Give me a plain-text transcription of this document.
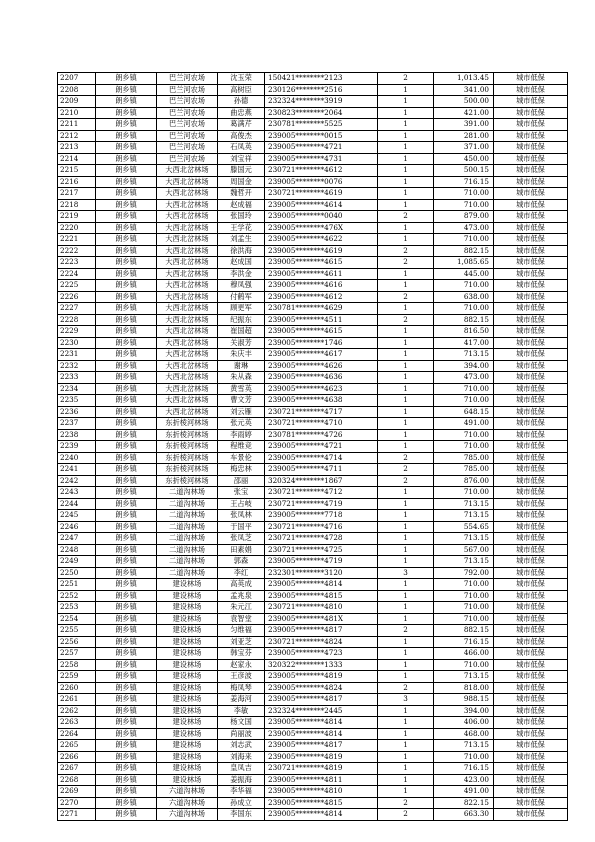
2207	朗乡镇	巴兰河农场	沈玉荣	150421********2123	2	1,013.45	城市低保
2208	朗乡镇	巴兰河农场	高树臣	230126********2516	1	341.00	城市低保
2209	朗乡镇	巴兰河农场	孙德	232324********3919	1	500.00	城市低保
2210	朗乡镇	巴兰河农场	曲忠燕	230823********2064	1	421.00	城市低保
2211	朗乡镇	巴兰河农场	葛满芹	230781********5525	1	391.00	城市低保
2212	朗乡镇	巴兰河农场	高俊杰	239005********0015	1	281.00	城市低保
2213	朗乡镇	巴兰河农场	石凤英	239005********4721	1	371.00	城市低保
2214	朗乡镇	巴兰河农场	刘宝祥	239005********4731	1	450.00	城市低保
2215	朗乡镇	大西北岔林场	滕国元	230721********4612	1	500.15	城市低保
2216	朗乡镇	大西北岔林场	周国金	239005********0076	1	716.15	城市低保
2217	朗乡镇	大西北岔林场	魏哲开	230721********4619	1	710.00	城市低保
2218	朗乡镇	大西北岔林场	赵成福	239005********4614	1	710.00	城市低保
2219	朗乡镇	大西北岔林场	张国玲	239005********0040	2	879.00	城市低保
2220	朗乡镇	大西北岔林场	王学花	239005********476X	1	473.00	城市低保
2221	朗乡镇	大西北岔林场	刘孟生	239005********4622	1	710.00	城市低保
2222	朗乡镇	大西北岔林场	徐洪海	239005********4619	2	882.15	城市低保
2223	朗乡镇	大西北岔林场	赵成国	239005********4615	2	1,085.65	城市低保
2224	朗乡镇	大西北岔林场	李洪金	239005********4611	1	445.00	城市低保
2225	朗乡镇	大西北岔林场	穆凤强	239005********4616	1	710.00	城市低保
2226	朗乡镇	大西北岔林场	付鹤军	239005********4612	2	638.00	城市低保
2227	朗乡镇	大西北岔林场	顾更军	230781********4629	1	710.00	城市低保
2228	朗乡镇	大西北岔林场	纪振东	239005********4511	2	882.15	城市低保
2229	朗乡镇	大西北岔林场	崔国超	239005********4615	1	816.50	城市低保
2230	朗乡镇	大西北岔林场	关淑芳	239005********1746	1	417.00	城市低保
2231	朗乡镇	大西北岔林场	朱庆丰	239005********4617	1	713.15	城市低保
2232	朗乡镇	大西北岔林场	谢琳	239005********4626	1	394.00	城市低保
2233	朗乡镇	大西北岔林场	朱从森	239005********4636	1	473.00	城市低保
2234	朗乡镇	大西北岔林场	黄雪英	239005********4623	1	710.00	城市低保
2235	朗乡镇	大西北岔林场	曹文芳	239005********4638	1	710.00	城市低保
2236	朗乡镇	大西北岔林场	刘云雁	230721********4717	1	648.15	城市低保
2237	朗乡镇	东折棱河林场	张元英	230721********4710	1	491.00	城市低保
2238	朗乡镇	东折棱河林场	李雨婷	230781********4726	1	710.00	城市低保
2239	朗乡镇	东折棱河林场	程维竞	239005********4721	1	710.00	城市低保
2240	朗乡镇	东折棱河林场	车景伦	239005********4714	2	785.00	城市低保
2241	朗乡镇	东折棱河林场	梅忠林	239005********4711	2	785.00	城市低保
2242	朗乡镇	东折棱河林场	邵丽	320324********1867	2	876.00	城市低保
2243	朗乡镇	二道沟林场	张宝	230721********4712	1	710.00	城市低保
2244	朗乡镇	二道沟林场	王占岐	230721********4719	1	713.15	城市低保
2245	朗乡镇	二道沟林场	张凤林	239005********7718	1	713.15	城市低保
2246	朗乡镇	二道沟林场	于国平	230721********4716	1	554.65	城市低保
2247	朗乡镇	二道沟林场	张凤芝	230721********4728	1	713.15	城市低保
2248	朗乡镇	二道沟林场	田素娟	230721********4725	1	567.00	城市低保
2249	朗乡镇	二道沟林场	郭森	239005********4719	1	713.15	城市低保
2250	朗乡镇	二道沟林场	李红	232301********3120	3	792.00	城市低保
2251	朗乡镇	建设林场	高英成	239005********4814	1	710.00	城市低保
2252	朗乡镇	建设林场	孟兆泉	239005********4815	1	710.00	城市低保
2253	朗乡镇	建设林场	朱元江	230721********4810	1	710.00	城市低保
2254	朗乡镇	建设林场	袁智堂	239005********481X	1	710.00	城市低保
2255	朗乡镇	建设林场	匀维福	239005********4817	2	882.15	城市低保
2256	朗乡镇	建设林场	刘亚芝	230721********4824	1	716.15	城市低保
2257	朗乡镇	建设林场	韩宝芬	239005********4723	1	466.00	城市低保
2258	朗乡镇	建设林场	赵家永	320322********1333	1	710.00	城市低保
2259	朗乡镇	建设林场	王彦波	239005********4819	1	713.15	城市低保
2260	朗乡镇	建设林场	梅凤琴	239005********4824	2	818.00	城市低保
2261	朗乡镇	建设林场	姜海河	239005********4817	3	988.15	城市低保
2262	朗乡镇	建设林场	李敏	232324********2445	1	394.00	城市低保
2263	朗乡镇	建设林场	杨文国	239005********4814	1	406.00	城市低保
2264	朗乡镇	建设林场	尚丽波	239005********4814	1	468.00	城市低保
2265	朗乡镇	建设林场	刘志武	239005********4817	1	713.15	城市低保
2266	朗乡镇	建设林场	刘海来	239005********4819	1	710.00	城市低保
2267	朗乡镇	建设林场	皇凤吉	230721********4819	1	716.15	城市低保
2268	朗乡镇	建设林场	姜振海	239005********4811	1	423.00	城市低保
2269	朗乡镇	六道沟林场	李华福	239005********4810	1	491.00	城市低保
2270	朗乡镇	六道沟林场	孙成立	239005********4815	2	822.15	城市低保
2271	朗乡镇	六道沟林场	李国东	239005********4814	2	663.30	城市低保
